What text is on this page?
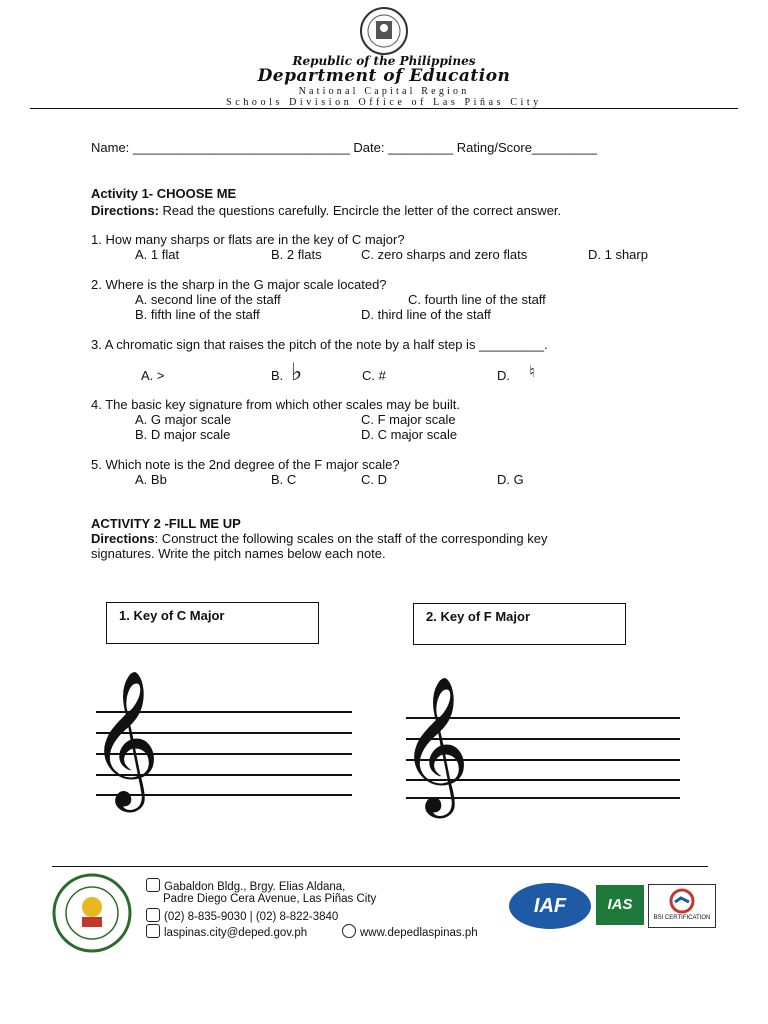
Republic of the Philippines
Department of Education
National Capital Region
Schools Division Office of Las Piñas City
Name: ______________________________ Date: _________ Rating/Score_________
Activity 1- CHOOSE ME
Directions: Read the questions carefully. Encircle the letter of the correct answer.
1. How many sharps or flats are in the key of C major?
A. 1 flat	B. 2 flats	C. zero sharps and zero flats	D. 1 sharp
2. Where is the sharp in the G major scale located?
A. second line of the staff	C. fourth line of the staff
B. fifth line of the staff	D. third line of the staff
3. A chromatic sign that raises the pitch of the note by a half step is _________.
A. >	B. ♭	C. #	D. ♮
4. The basic key signature from which other scales may be built.
A. G major scale	C. F major scale
B. D major scale	D. C major scale
5. Which note is the 2nd degree of the F major scale?
A. Bb	B. C	C. D	D. G
ACTIVITY 2 -FILL ME UP
Directions: Construct the following scales on the staff of the corresponding key
signatures. Write the pitch names below each note.
1. Key of C Major	2. Key of F Major
𝄞 𝄞
Gabaldon Bldg., Brgy. Elias Aldana,
Padre Diego Cera Avenue, Las Piñas City
(02) 8-835-9030 | (02) 8-822-3840
laspinas.city@deped.gov.ph	www.depedlaspinas.ph
IAF	IAS
BSI CERTIFICATION
